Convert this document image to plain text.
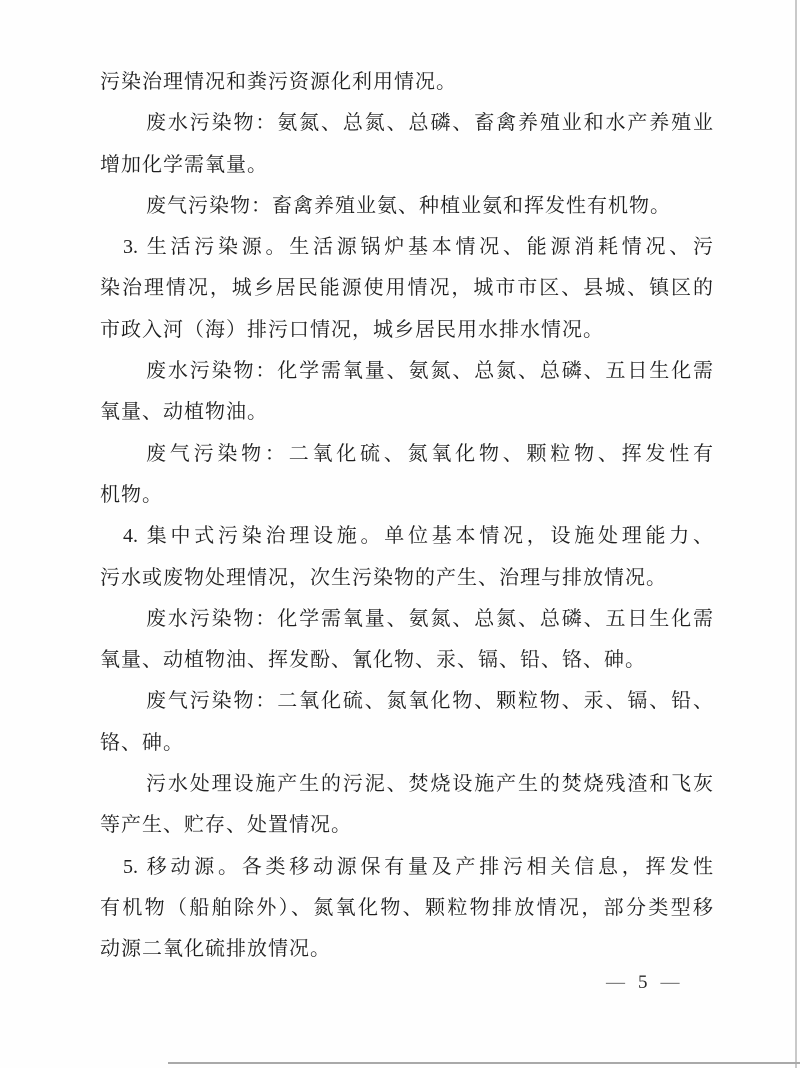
污染治理情况和粪污资源化利用情况。
废水污染物：氨氮、总氮、总磷、畜禽养殖业和水产养殖业
增加化学需氧量。
废气污染物：畜禽养殖业氨、种植业氨和挥发性有机物。
3. 生活污染源。生活源锅炉基本情况、能源消耗情况、污
染治理情况，城乡居民能源使用情况，城市市区、县城、镇区的
市政入河（海）排污口情况，城乡居民用水排水情况。
废水污染物：化学需氧量、氨氮、总氮、总磷、五日生化需
氧量、动植物油。
废气污染物：二氧化硫、氮氧化物、颗粒物、挥发性有
机物。
4. 集中式污染治理设施。单位基本情况，设施处理能力、
污水或废物处理情况，次生污染物的产生、治理与排放情况。
废水污染物：化学需氧量、氨氮、总氮、总磷、五日生化需
氧量、动植物油、挥发酚、氰化物、汞、镉、铅、铬、砷。
废气污染物：二氧化硫、氮氧化物、颗粒物、汞、镉、铅、
铬、砷。
污水处理设施产生的污泥、焚烧设施产生的焚烧残渣和飞灰
等产生、贮存、处置情况。
5. 移动源。各类移动源保有量及产排污相关信息，挥发性
有机物（船舶除外）、氮氧化物、颗粒物排放情况，部分类型移
动源二氧化硫排放情况。
— 5 —
